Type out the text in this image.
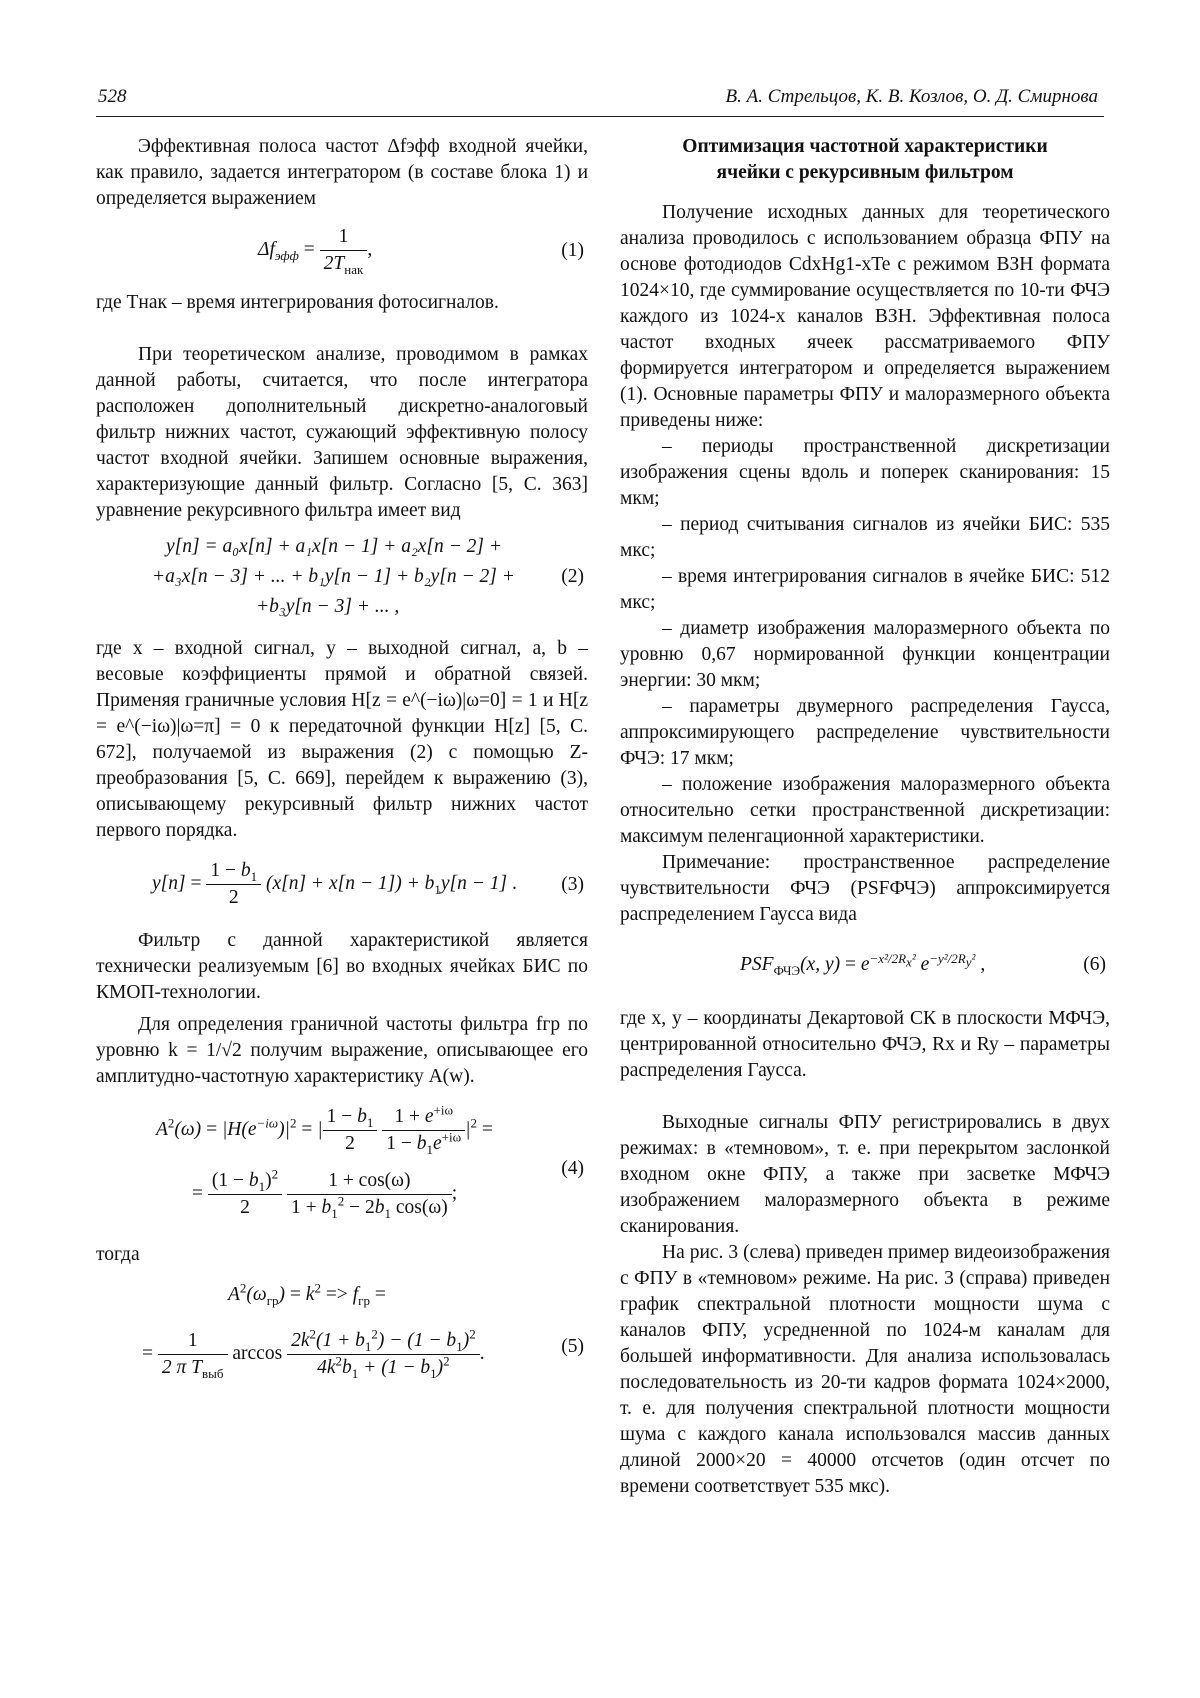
528	В. А. Стрельцов, К. В. Козлов, О. Д. Смирнова

Эффективная полоса частот Δfэфф входной ячейки, как правило, задается интегратором (в составе блока 1) и определяется выражением

Δfэфф =
1
2Tнак
,	(1)

где Tнак – время интегрирования фотосигналов.

При теоретическом анализе, проводимом в рамках данной работы, считается, что после интегратора расположен дополнительный дискретно-аналоговый фильтр нижних частот, сужающий эффективную полосу частот входной ячейки. Запишем основные выражения, характеризующие данный фильтр. Согласно [5, С. 363] уравнение рекурсивного фильтра имеет вид

y[n] = a₀x[n] + a₁x[n − 1] + a₂x[n − 2] +
+a₃x[n − 3] + ... + b₁y[n − 1] + b₂y[n − 2] +
+b₃y[n − 3] + ... ,
(2)

где x – входной сигнал, y – выходной сигнал, a, b – весовые коэффициенты прямой и обратной связей. Применяя граничные условия H[z = e^(−iω)|ω=0] = 1 и H[z = e^(−iω)|ω=π] = 0 к передаточной функции H[z] [5, С. 672], получаемой из выражения (2) с помощью Z-преобразования [5, С. 669], перейдем к выражению (3), описывающему рекурсивный фильтр нижних частот первого порядка.

y[n] =
1 − b1
2
(x[n] + x[n − 1]) + b1y[n − 1] . (3)

Фильтр с данной характеристикой является технически реализуемым [6] во входных ячейках БИС по КМОП-технологии.

Для определения граничной частоты фильтра fгр по уровню k = 1/√2 получим выражение, описывающее его амплитудно-частотную характеристику A(w).

A2(ω) = |H(e−iω)|2 = |
1 − b1
2

1 + e+iω
1 − b1e+iω |2 =
=
(1 − b1)2
2

1 + cos(ω)
1 + b12 − 2b1 cos(ω)
;
(4)

тогда

A2(ωгр) = k2 => fгр =
=
1
2 π Tвыб
arccos
2k2(1 + b12) − (1 − b1)2
4k2b1 + (1 − b1)2	.	(5)
Оптимизация частотной характеристики
ячейки с рекурсивным фильтром

Получение исходных данных для теоретического анализа проводилось с использованием образца ФПУ на основе фотодиодов CdxHg1-xTe с режимом ВЗН формата 1024×10, где суммирование осуществляется по 10-ти ФЧЭ каждого из 1024-х каналов ВЗН. Эффективная полоса частот входных ячеек рассматриваемого ФПУ формируется интегратором и определяется выражением (1). Основные параметры ФПУ и малоразмерного объекта приведены ниже:

– периоды пространственной дискретизации изображения сцены вдоль и поперек сканирования: 15 мкм;

– период считывания сигналов из ячейки БИС: 535 мкс;

– время интегрирования сигналов в ячейке БИС: 512 мкс;

– диаметр изображения малоразмерного объекта по уровню 0,67 нормированной функции концентрации энергии: 30 мкм;

– параметры двумерного распределения Гаусса, аппроксимирующего распределение чувствительности ФЧЭ: 17 мкм;

– положение изображения малоразмерного объекта относительно сетки пространственной дискретизации: максимум пеленгационной характеристики.

Примечание: пространственное распределение чувствительности ФЧЭ (PSFФЧЭ) аппроксимируется распределением Гаусса вида

PSFФЧЭ(x, y) = e−x²/2Rx² e−y²/2Ry² ,	(6)

где x, y – координаты Декартовой СК в плоскости МФЧЭ, центрированной относительно ФЧЭ, Rx и Ry – параметры распределения Гаусса.

Выходные сигналы ФПУ регистрировались в двух режимах: в «темновом», т. е. при перекрытом заслонкой входном окне ФПУ, а также при засветке МФЧЭ изображением малоразмерного объекта в режиме сканирования.

На рис. 3 (слева) приведен пример видеоизображения с ФПУ в «темновом» режиме. На рис. 3 (справа) приведен график спектральной плотности мощности шума с каналов ФПУ, усредненной по 1024-м каналам для большей информативности. Для анализа использовалась последовательность из 20-ти кадров формата 1024×2000, т. е. для получения спектральной плотности мощности шума с каждого канала использовался массив данных длиной 2000×20 = 40000 отсчетов (один отсчет по времени соответствует 535 мкс).
